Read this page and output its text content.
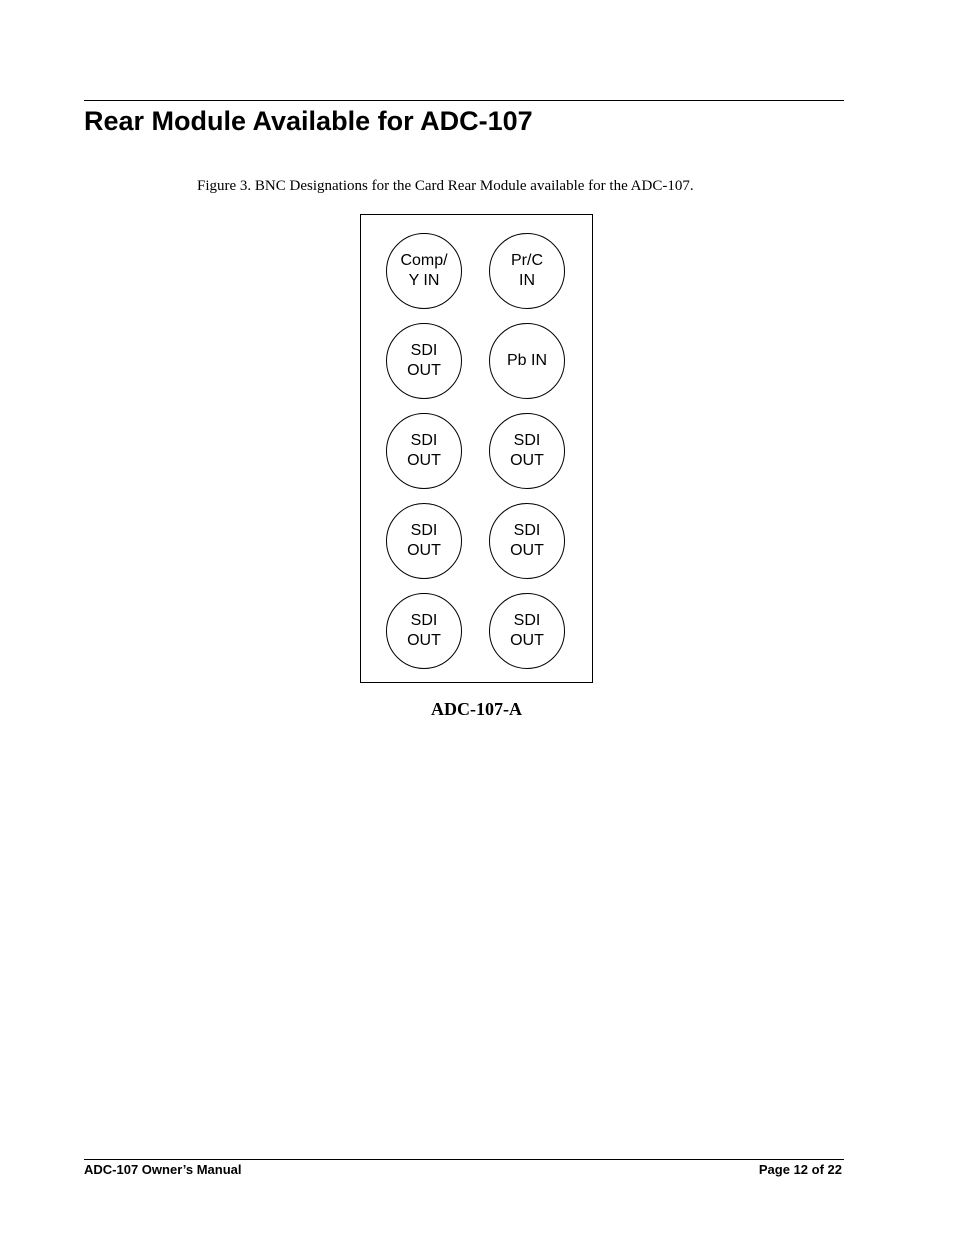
Rear Module Available for ADC-107
Figure 3. BNC Designations for the Card Rear Module available for the ADC-107.
Comp/
Y IN
Pr/C
IN
SDI
OUT
Pb IN
SDI
OUT
SDI
OUT
SDI
OUT
SDI
OUT
SDI
OUT
SDI
OUT
ADC-107-A
ADC-107 Owner’s Manual	Page 12 of 22
